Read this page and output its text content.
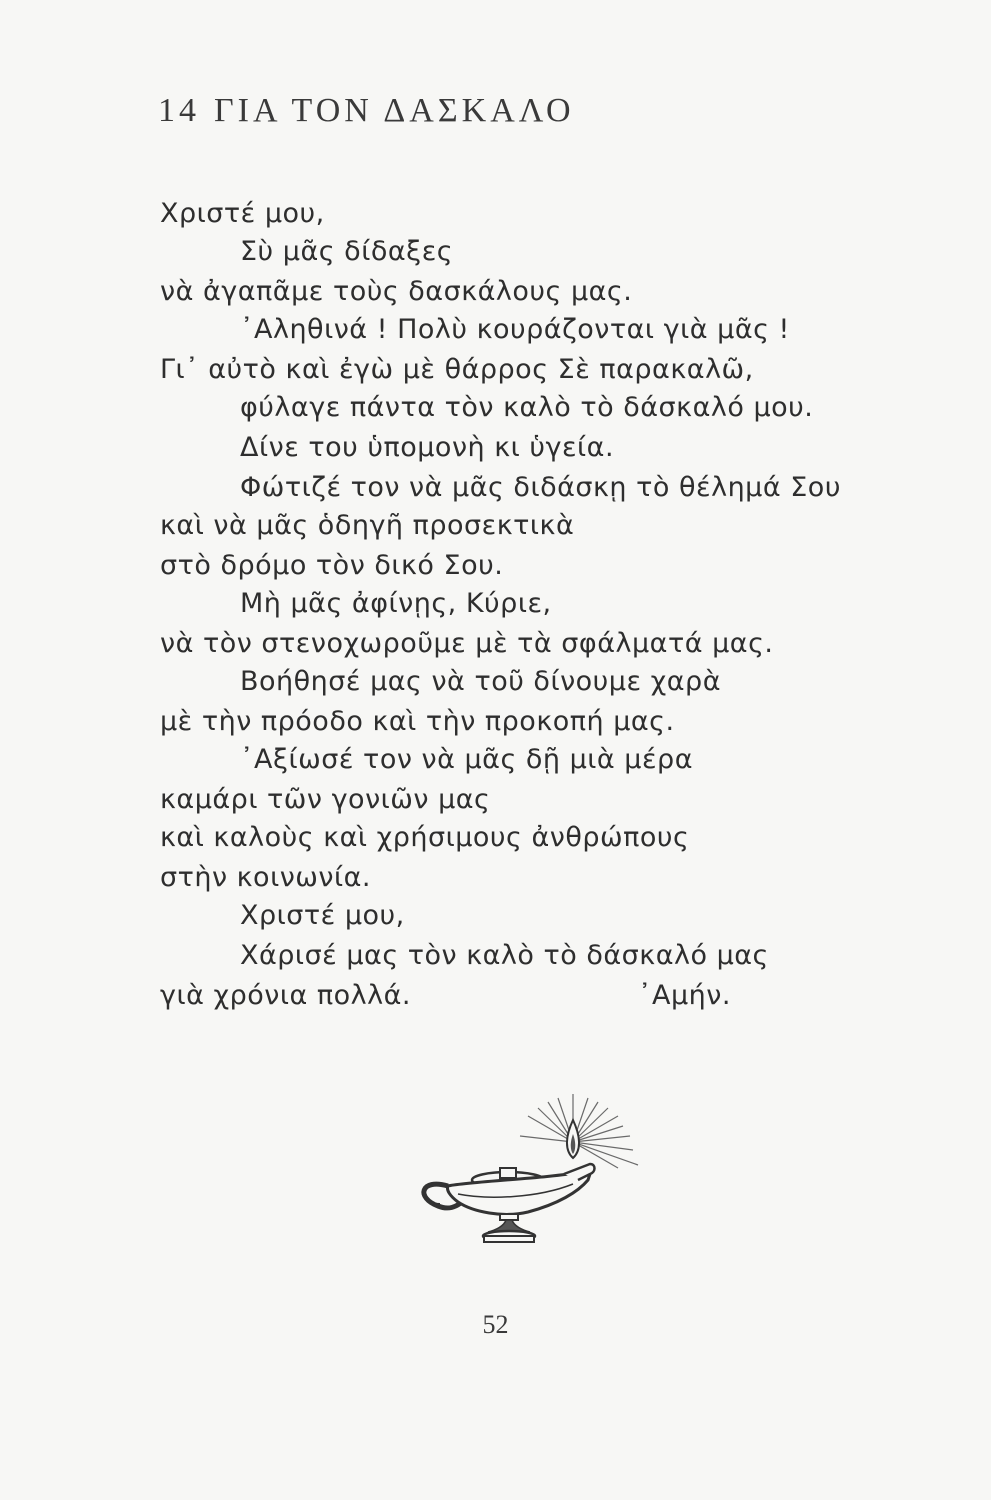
14 ΓΙΑ ΤΟΝ ΔΑΣΚΑΛΟ
Χριστέ μου,
Σὺ μᾶς δίδαξες
νὰ ἀγαπᾶμε τοὺς δασκάλους μας.
᾿Αληθινά ! Πολὺ κουράζονται γιὰ μᾶς !
Γι᾿ αὐτὸ καὶ ἐγὼ μὲ θάρρος Σὲ παρακαλῶ,
φύλαγε πάντα τὸν καλὸ τὸ δάσκαλό μου.
Δίνε του ὑπομονὴ κι ὑγεία.
Φώτιζέ τον νὰ μᾶς διδάσκῃ τὸ θέλημά Σου
καὶ νὰ μᾶς ὁδηγῆ προσεκτικὰ
στὸ δρόμο τὸν δικό Σου.
Μὴ μᾶς ἀφίνῃς, Κύριε,
νὰ τὸν στενοχωροῦμε μὲ τὰ σφάλματά μας.
Βοήθησέ μας νὰ τοῦ δίνουμε χαρὰ
μὲ τὴν πρόοδο καὶ τὴν προκοπή μας.
᾿Αξίωσέ τον νὰ μᾶς δῇ μιὰ μέρα
καμάρι τῶν γονιῶν μας
καὶ καλοὺς καὶ χρήσιμους ἀνθρώπους
στὴν κοινωνία.
Χριστέ μου,
Χάρισέ μας τὸν καλὸ τὸ δάσκαλό μας
γιὰ χρόνια πολλά.	᾿Αμήν.
52
